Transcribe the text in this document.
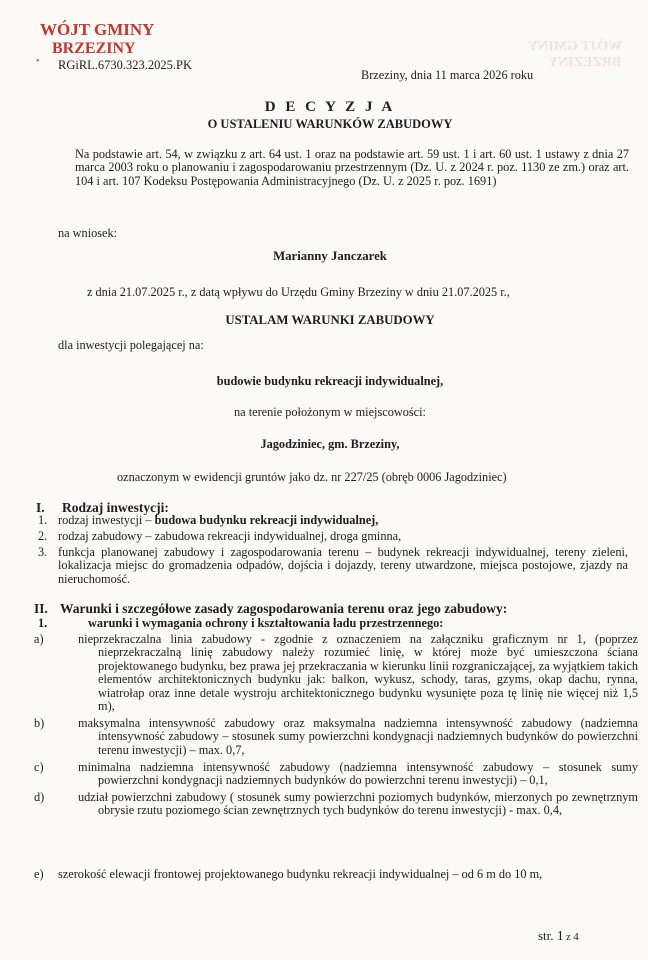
WÓJT GMINY
BRZEZINY
•
WÓJT GMINY
BRZEZINY
RGiRL.6730.323.2025.PK
Brzeziny, dnia 11 marca 2026 roku
D E C Y Z J A
O USTALENIU WARUNKÓW ZABUDOWY
Na podstawie art. 54, w związku z art. 64 ust. 1 oraz na podstawie art. 59 ust. 1 i art. 60 ust. 1 ustawy z dnia 27 marca 2003 roku o planowaniu i zagospodarowaniu przestrzennym (Dz. U. z 2024 r. poz. 1130 ze zm.) oraz art. 104 i art. 107 Kodeksu Postępowania Administracyjnego (Dz. U. z 2025 r. poz. 1691)
na wniosek:
Marianny Janczarek
z dnia 21.07.2025 r., z datą wpływu do Urzędu Gminy Brzeziny w dniu 21.07.2025 r.,
USTALAM WARUNKI ZABUDOWY
dla inwestycji polegającej na:
budowie budynku rekreacji indywidualnej,
na terenie położonym w miejscowości:
Jagodziniec, gm. Brzeziny,
oznaczonym w ewidencji gruntów jako dz. nr 227/25 (obręb 0006 Jagodziniec)
I. Rodzaj inwestycji:
1. rodzaj inwestycji – budowa budynku rekreacji indywidualnej,
2. rodzaj zabudowy – zabudowa rekreacji indywidualnej, droga gminna,
3. funkcja planowanej zabudowy i zagospodarowania terenu – budynek rekreacji indywidualnej, tereny zieleni, lokalizacja miejsc do gromadzenia odpadów, dojścia i dojazdy, tereny utwardzone, miejsca postojowe, zjazdy na nieruchomość.
II. Warunki i szczegółowe zasady zagospodarowania terenu oraz jego zabudowy:
1.	warunki i wymagania ochrony i kształtowania ładu przestrzennego:
a)	nieprzekraczalna linia zabudowy - zgodnie z oznaczeniem na załączniku graficznym nr 1, (poprzez nieprzekraczalną linię zabudowy należy rozumieć linię, w której może być umieszczona ściana projektowanego budynku, bez prawa jej przekraczania w kierunku linii rozgraniczającej, za wyjątkiem takich elementów architektonicznych budynku jak: balkon, wykusz, schody, taras, gzyms, okap dachu, rynna, wiatrołap oraz inne detale wystroju architektonicznego budynku wysunięte poza tę linię nie więcej niż 1,5 m),
b)	maksymalna intensywność zabudowy oraz maksymalna nadziemna intensywność zabudowy (nadziemna intensywność zabudowy – stosunek sumy powierzchni kondygnacji nadziemnych budynków do powierzchni terenu inwestycji) – max. 0,7,
c)	minimalna nadziemna intensywność zabudowy (nadziemna intensywność zabudowy – stosunek sumy powierzchni kondygnacji nadziemnych budynków do powierzchni terenu inwestycji) – 0,1,
d)	udział powierzchni zabudowy ( stosunek sumy powierzchni poziomych budynków, mierzonych po zewnętrznym obrysie rzutu poziomego ścian zewnętrznych tych budynków do terenu inwestycji) - max. 0,4,
e) szerokość elewacji frontowej projektowanego budynku rekreacji indywidualnej – od 6 m do 10 m,
str. 1 z 4
